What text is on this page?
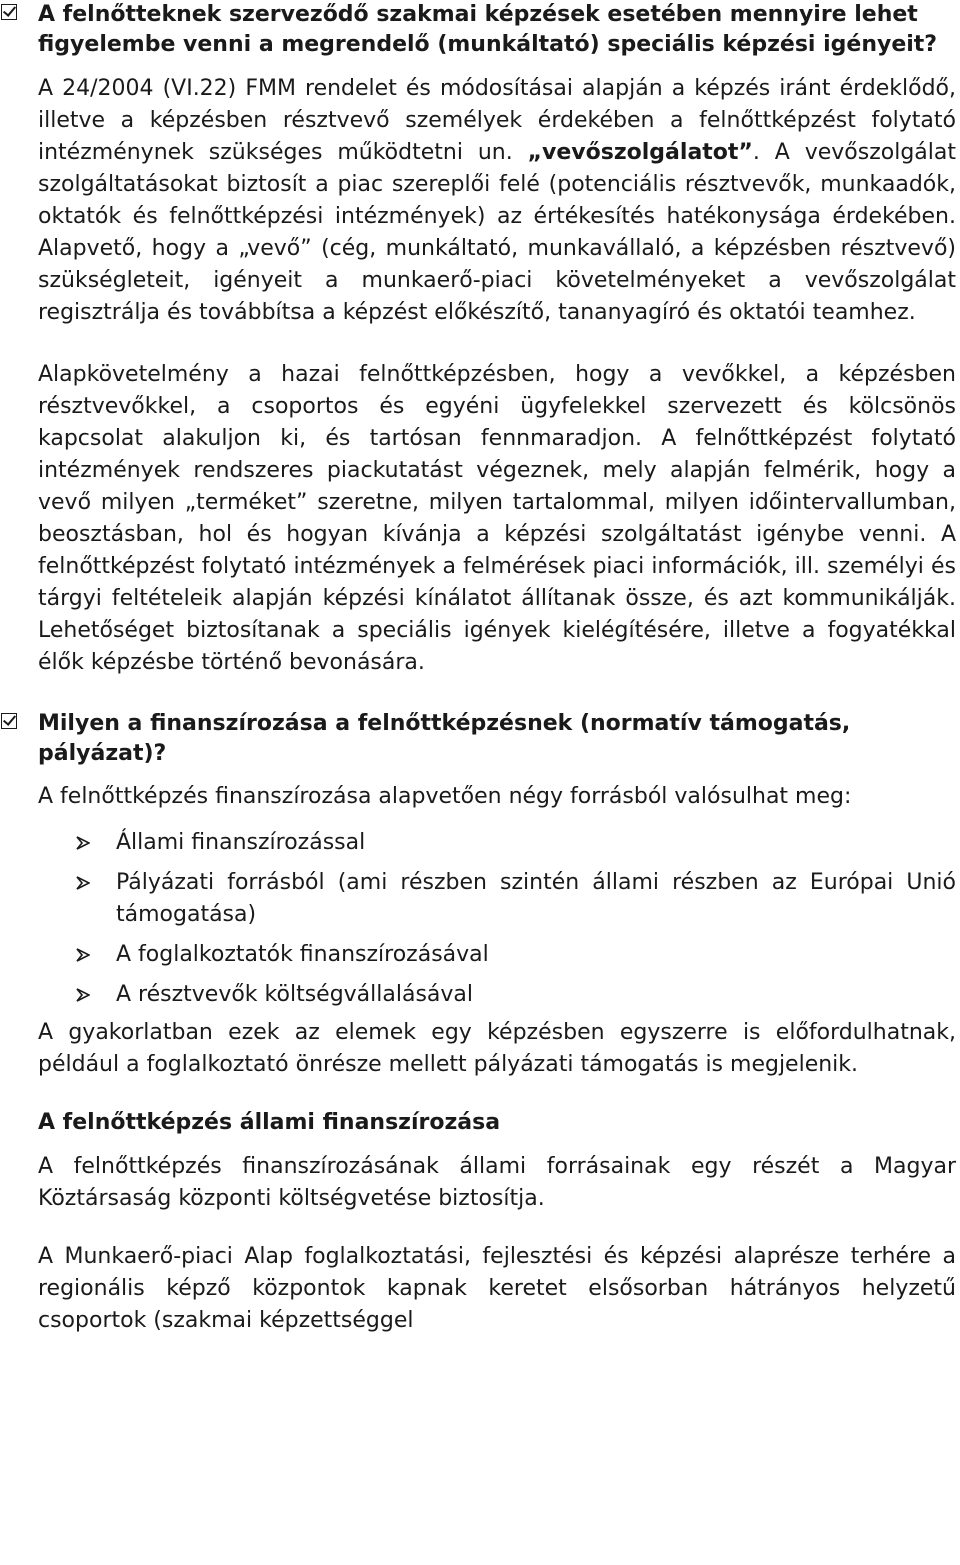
A felnőtteknek szerveződő szakmai képzések esetében mennyire lehet figyelembe venni a megrendelő (munkáltató) speciális képzési igényeit?

A 24/2004 (VI.22) FMM rendelet és módosításai alapján a képzés iránt érdeklődő, illetve a képzésben résztvevő személyek érdekében a felnőttképzést folytató intézménynek szükséges működtetni un. „vevőszolgálatot”. A vevőszolgálat szolgáltatásokat biztosít a piac szereplői felé (potenciális résztvevők, munkaadók, oktatók és felnőttképzési intézmények) az értékesítés hatékonysága érdekében. Alapvető, hogy a „vevő” (cég, munkáltató, munkavállaló, a képzésben résztvevő) szükségleteit, igényeit a munkaerő-piaci követelményeket a vevőszolgálat regisztrálja és továbbítsa a képzést előkészítő, tananyagíró és oktatói teamhez.

Alapkövetelmény a hazai felnőttképzésben, hogy a vevőkkel, a képzésben résztvevőkkel, a csoportos és egyéni ügyfelekkel szervezett és kölcsönös kapcsolat alakuljon ki, és tartósan fennmaradjon. A felnőttképzést folytató intézmények rendszeres piackutatást végeznek, mely alapján felmérik, hogy a vevő milyen „terméket” szeretne, milyen tartalommal, milyen időintervallumban, beosztásban, hol és hogyan kívánja a képzési szolgáltatást igénybe venni. A felnőttképzést folytató intézmények a felmérések piaci információk, ill. személyi és tárgyi feltételeik alapján képzési kínálatot állítanak össze, és azt kommunikálják. Lehetőséget biztosítanak a speciális igények kielégítésére, illetve a fogyatékkal élők képzésbe történő bevonására.

Milyen a finanszírozása a felnőttképzésnek (normatív támogatás, pályázat)?

A felnőttképzés finanszírozása alapvetően négy forrásból valósulhat meg:

Állami finanszírozással
Pályázati forrásból (ami részben szintén állami részben az Európai Unió támogatása)
A foglalkoztatók finanszírozásával
A résztvevők költségvállalásával

A gyakorlatban ezek az elemek egy képzésben egyszerre is előfordulhatnak, például a foglalkoztató önrésze mellett pályázati támogatás is megjelenik.

A felnőttképzés állami finanszírozása

A felnőttképzés finanszírozásának állami forrásainak egy részét a Magyar Köztársaság központi költségvetése biztosítja.

A Munkaerő-piaci Alap foglalkoztatási, fejlesztési és képzési alaprésze terhére a regionális képző központok kapnak keretet elsősorban hátrányos helyzetű csoportok (szakmai képzettséggel
